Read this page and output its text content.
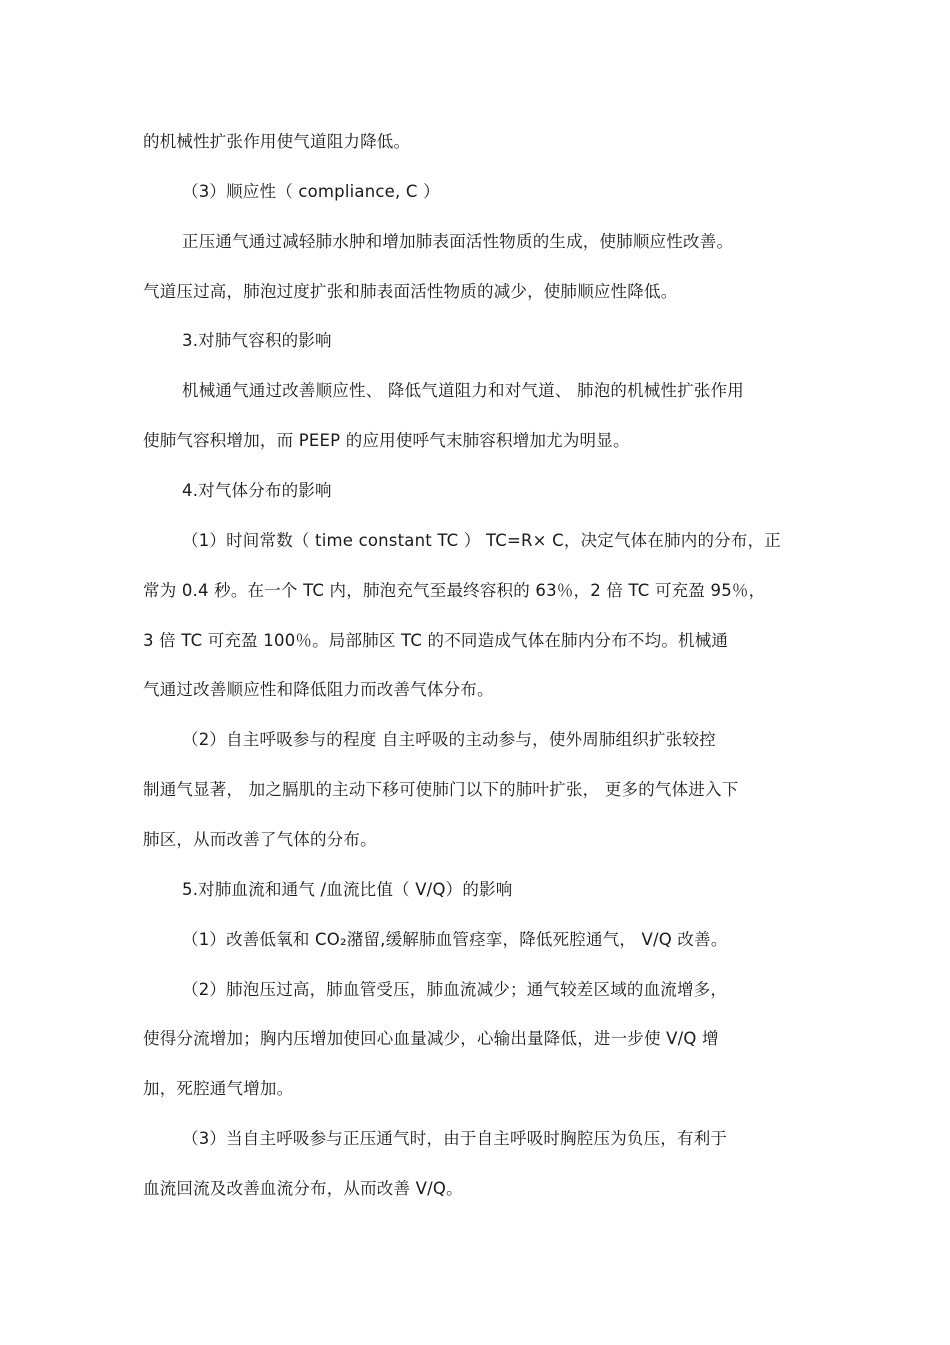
的机械性扩张作用使气道阻力降低。
（3）顺应性（ compliance, C ）
正压通气通过减轻肺水肿和增加肺表面活性物质的生成，使肺顺应性改善。
气道压过高，肺泡过度扩张和肺表面活性物质的减少，使肺顺应性降低。
3.对肺气容积的影响
机械通气通过改善顺应性、 降低气道阻力和对气道、 肺泡的机械性扩张作用
使肺气容积增加，而 PEEP 的应用使呼气末肺容积增加尤为明显。
4.对气体分布的影响
（1）时间常数（ time constant TC ） TC=R× C，决定气体在肺内的分布，正
常为 0.4 秒。在一个 TC 内，肺泡充气至最终容积的 63％，2 倍 TC 可充盈 95％，
3 倍 TC 可充盈 100％。局部肺区 TC 的不同造成气体在肺内分布不均。机械通
气通过改善顺应性和降低阻力而改善气体分布。
（2）自主呼吸参与的程度 自主呼吸的主动参与，使外周肺组织扩张较控
制通气显著， 加之膈肌的主动下移可使肺门以下的肺叶扩张， 更多的气体进入下
肺区，从而改善了气体的分布。
5.对肺血流和通气 /血流比值（ V/Q）的影响
（1）改善低氧和 CO₂潴留,缓解肺血管痉挛，降低死腔通气， V/Q 改善。
（2）肺泡压过高，肺血管受压，肺血流减少；通气较差区域的血流增多，
使得分流增加；胸内压增加使回心血量减少，心输出量降低，进一步使 V/Q 增
加，死腔通气增加。
（3）当自主呼吸参与正压通气时，由于自主呼吸时胸腔压为负压，有利于
血流回流及改善血流分布，从而改善 V/Q。
